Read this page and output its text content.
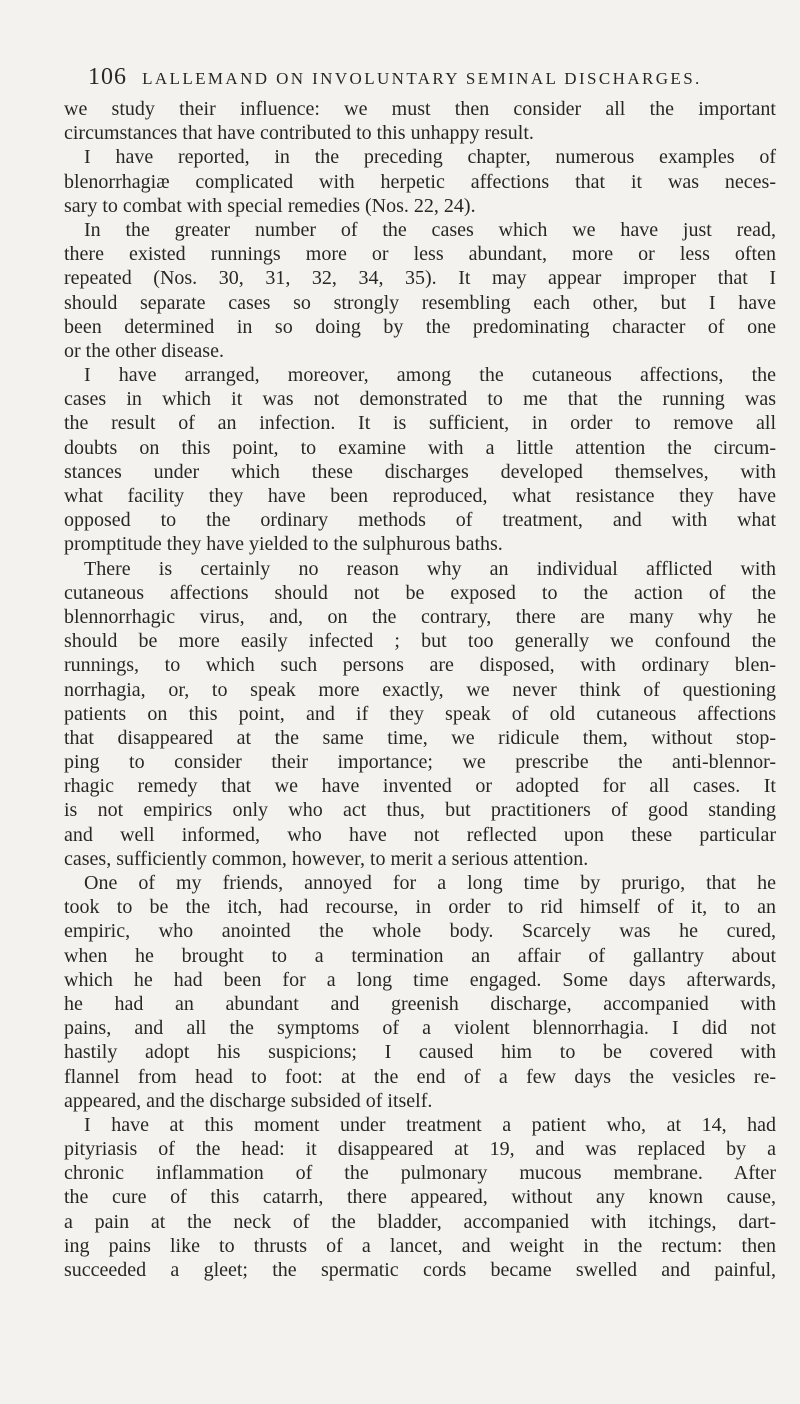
106 LALLEMAND ON INVOLUNTARY SEMINAL DISCHARGES.
we study their influence: we must then consider all the important
circumstances that have contributed to this unhappy result.
I have reported, in the preceding chapter, numerous examples of
blenorrhagiæ complicated with herpetic affections that it was neces-
sary to combat with special remedies (Nos. 22, 24).
In the greater number of the cases which we have just read,
there existed runnings more or less abundant, more or less often
repeated (Nos. 30, 31, 32, 34, 35). It may appear improper that I
should separate cases so strongly resembling each other, but I have
been determined in so doing by the predominating character of one
or the other disease.
I have arranged, moreover, among the cutaneous affections, the
cases in which it was not demonstrated to me that the running was
the result of an infection. It is sufficient, in order to remove all
doubts on this point, to examine with a little attention the circum-
stances under which these discharges developed themselves, with
what facility they have been reproduced, what resistance they have
opposed to the ordinary methods of treatment, and with what
promptitude they have yielded to the sulphurous baths.
There is certainly no reason why an individual afflicted with
cutaneous affections should not be exposed to the action of the
blennorrhagic virus, and, on the contrary, there are many why he
should be more easily infected ; but too generally we confound the
runnings, to which such persons are disposed, with ordinary blen-
norrhagia, or, to speak more exactly, we never think of questioning
patients on this point, and if they speak of old cutaneous affections
that disappeared at the same time, we ridicule them, without stop-
ping to consider their importance; we prescribe the anti-blennor-
rhagic remedy that we have invented or adopted for all cases. It
is not empirics only who act thus, but practitioners of good standing
and well informed, who have not reflected upon these particular
cases, sufficiently common, however, to merit a serious attention.
One of my friends, annoyed for a long time by prurigo, that he
took to be the itch, had recourse, in order to rid himself of it, to an
empiric, who anointed the whole body. Scarcely was he cured,
when he brought to a termination an affair of gallantry about
which he had been for a long time engaged. Some days afterwards,
he had an abundant and greenish discharge, accompanied with
pains, and all the symptoms of a violent blennorrhagia. I did not
hastily adopt his suspicions; I caused him to be covered with
flannel from head to foot: at the end of a few days the vesicles re-
appeared, and the discharge subsided of itself.
I have at this moment under treatment a patient who, at 14, had
pityriasis of the head: it disappeared at 19, and was replaced by a
chronic inflammation of the pulmonary mucous membrane. After
the cure of this catarrh, there appeared, without any known cause,
a pain at the neck of the bladder, accompanied with itchings, dart-
ing pains like to thrusts of a lancet, and weight in the rectum: then
succeeded a gleet; the spermatic cords became swelled and painful,
